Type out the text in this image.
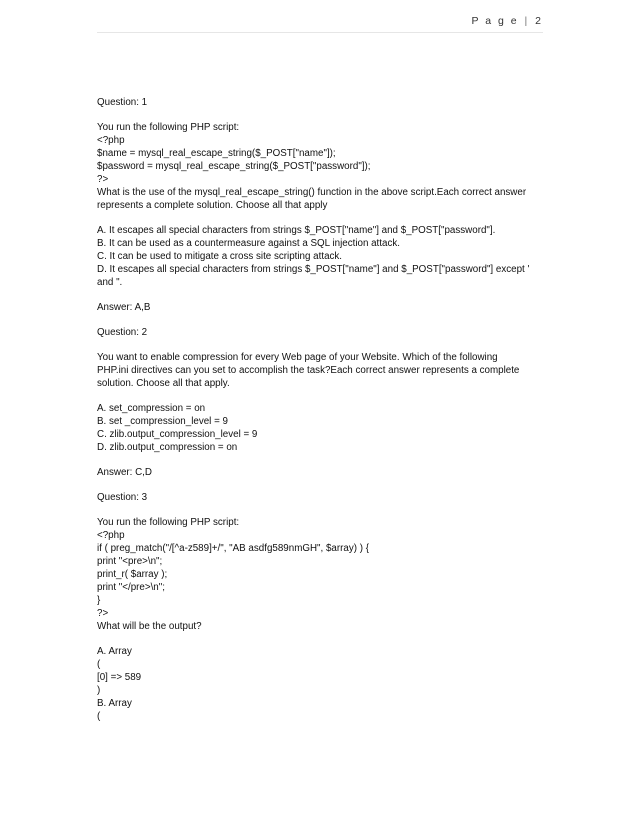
P a g e | 2
Question: 1
You run the following PHP script:
<?php
$name = mysql_real_escape_string($_POST["name"]);
$password = mysql_real_escape_string($_POST["password"]);
?>
What is the use of the mysql_real_escape_string() function in the above script.Each correct answer
represents a complete solution. Choose all that apply
A. It escapes all special characters from strings $_POST["name"] and $_POST["password"].
B. It can be used as a countermeasure against a SQL injection attack.
C. It can be used to mitigate a cross site scripting attack.
D. It escapes all special characters from strings $_POST["name"] and $_POST["password"] except '
and ".
Answer: A,B
Question: 2
You want to enable compression for every Web page of your Website. Which of the following
PHP.ini directives can you set to accomplish the task?Each correct answer represents a complete
solution. Choose all that apply.
A. set_compression = on
B. set _compression_level = 9
C. zlib.output_compression_level = 9
D. zlib.output_compression = on
Answer: C,D
Question: 3
You run the following PHP script:
<?php
if ( preg_match("/[^a-z589]+/", "AB asdfg589nmGH", $array) ) {
print "<pre>\n";
print_r( $array );
print "</pre>\n";
}
?>
What will be the output?
A. Array
(
[0] => 589
)
B. Array
(
